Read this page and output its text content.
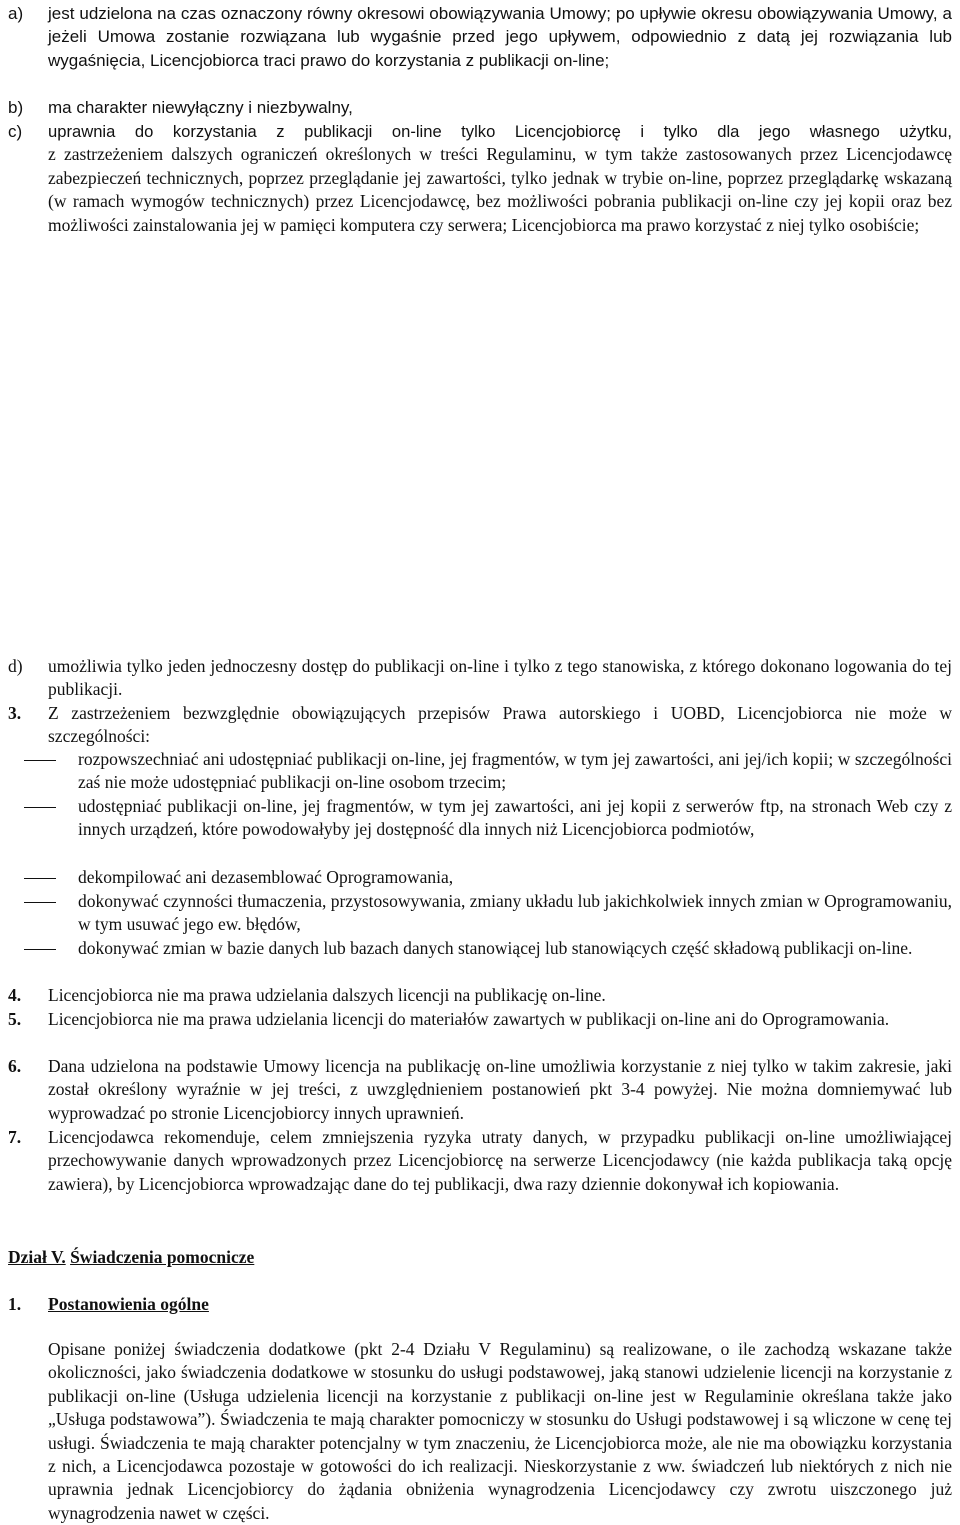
a) jest udzielona na czas oznaczony równy okresowi obowiązywania Umowy; po upływie okresu obowiązywania Umowy, a jeżeli Umowa zostanie rozwiązana lub wygaśnie przed jego upływem, odpowiednio z datą jej rozwiązania lub wygaśnięcia, Licencjobiorca traci prawo do korzystania z publikacji on-line;
b) ma charakter niewyłączny i niezbywalny,
c) uprawnia do korzystania z publikacji on-line tylko Licencjobiorcę i tylko dla jego własnego użytku,
z zastrzeżeniem dalszych ograniczeń określonych w treści Regulaminu, w tym także zastosowanych przez Licencjodawcę zabezpieczeń technicznych, poprzez przeglądanie jej zawartości, tylko jednak w trybie on-line, poprzez przeglądarkę wskazaną (w ramach wymogów technicznych) przez Licencjodawcę, bez możliwości pobrania publikacji on-line czy jej kopii oraz bez możliwości zainstalowania jej w pamięci komputera czy serwera; Licencjobiorca ma prawo korzystać z niej tylko osobiście;
d) umożliwia tylko jeden jednoczesny dostęp do publikacji on-line i tylko z tego stanowiska, z którego dokonano logowania do tej publikacji.
3. Z zastrzeżeniem bezwzględnie obowiązujących przepisów Prawa autorskiego i UOBD, Licencjobiorca nie może w szczególności:
rozpowszechniać ani udostępniać publikacji on-line, jej fragmentów, w tym jej zawartości, ani jej/ich kopii; w szczególności zaś nie może udostępniać publikacji on-line osobom trzecim;
udostępniać publikacji on-line, jej fragmentów, w tym jej zawartości, ani jej kopii z serwerów ftp, na stronach Web czy z innych urządzeń, które powodowałyby jej dostępność dla innych niż Licencjobiorca podmiotów,
dekompilować ani dezasemblować Oprogramowania,
dokonywać czynności tłumaczenia, przystosowywania, zmiany układu lub jakichkolwiek innych zmian w Oprogramowaniu, w tym usuwać jego ew. błędów,
dokonywać zmian w bazie danych lub bazach danych stanowiącej lub stanowiących część składową publikacji on-line.
4. Licencjobiorca nie ma prawa udzielania dalszych licencji na publikację on-line.
5. Licencjobiorca nie ma prawa udzielania licencji do materiałów zawartych w publikacji on-line ani do Oprogramowania.
6. Dana udzielona na podstawie Umowy licencja na publikację on-line umożliwia korzystanie z niej tylko w takim zakresie, jaki został określony wyraźnie w jej treści, z uwzględnieniem postanowień pkt 3-4 powyżej. Nie można domniemywać lub wyprowadzać po stronie Licencjobiorcy innych uprawnień.
7. Licencjodawca rekomenduje, celem zmniejszenia ryzyka utraty danych, w przypadku publikacji on-line umożliwiającej przechowywanie danych wprowadzonych przez Licencjobiorcę na serwerze Licencjodawcy (nie każda publikacja taką opcję zawiera), by Licencjobiorca wprowadzając dane do tej publikacji, dwa razy dziennie dokonywał ich kopiowania.
Dział V. Świadczenia pomocnicze
1. Postanowienia ogólne
Opisane poniżej świadczenia dodatkowe (pkt 2-4 Działu V Regulaminu) są realizowane, o ile zachodzą wskazane także okoliczności, jako świadczenia dodatkowe w stosunku do usługi podstawowej, jaką stanowi udzielenie licencji na korzystanie z publikacji on-line (Usługa udzielenia licencji na korzystanie z publikacji on-line jest w Regulaminie określana także jako „Usługa podstawowa”). Świadczenia te mają charakter pomocniczy w stosunku do Usługi podstawowej i są wliczone w cenę tej usługi. Świadczenia te mają charakter potencjalny w tym znaczeniu, że Licencjobiorca może, ale nie ma obowiązku korzystania z nich, a Licencjodawca pozostaje w gotowości do ich realizacji. Nieskorzystanie z ww. świadczeń lub niektórych z nich nie uprawnia jednak Licencjobiorcy do żądania obniżenia wynagrodzenia Licencjodawcy czy zwrotu uiszczonego już wynagrodzenia nawet w części.
